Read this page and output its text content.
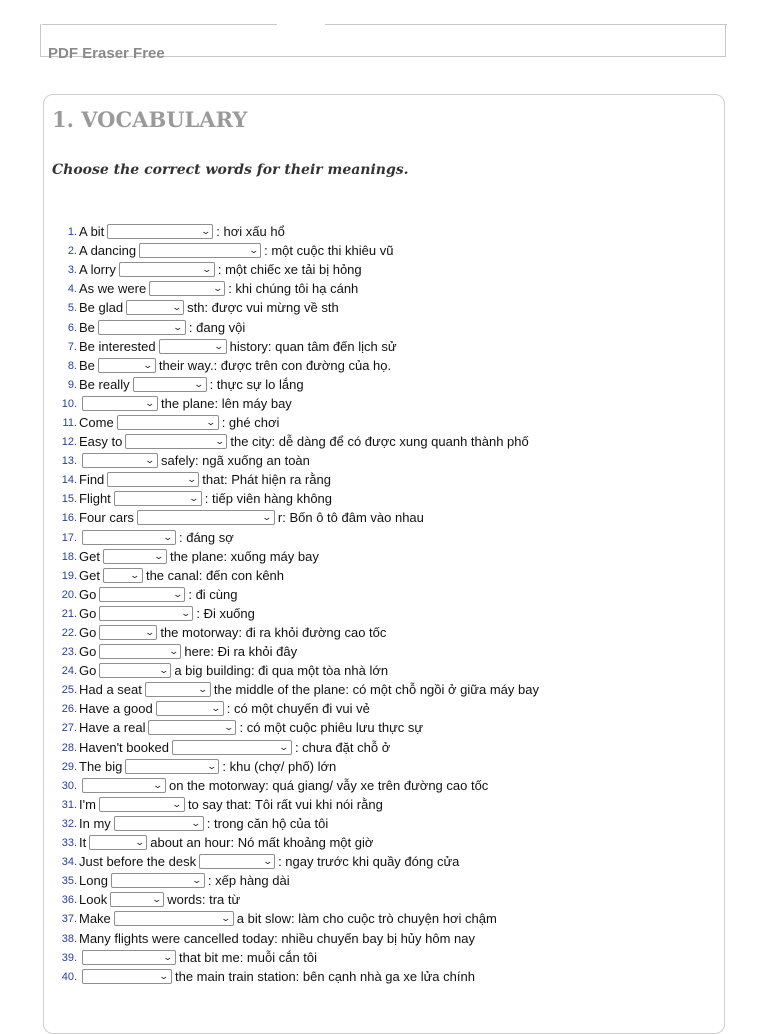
PDF Eraser Free
1. VOCABULARY

Choose the correct words for their meanings.

1. A bit	⌄ : hơi xấu hổ
2. A dancing	⌄ : một cuộc thi khiêu vũ
3. A lorry	⌄ : một chiếc xe tải bị hỏng
4. As we were	⌄ : khi chúng tôi hạ cánh
5. Be glad	⌄ sth: được vui mừng về sth
6. Be	⌄ : đang vội
7. Be interested	⌄ history: quan tâm đến lịch sử
8. Be	⌄ their way.: được trên con đường của họ.
9. Be really	⌄ : thực sự lo lắng
10.	⌄ the plane: lên máy bay
11. Come	⌄ : ghé chơi
12. Easy to	⌄ the city: dễ dàng để có được xung quanh thành phố
13.	⌄ safely: ngã xuống an toàn
14. Find	⌄ that: Phát hiện ra rằng
15. Flight	⌄ : tiếp viên hàng không
16. Four cars	⌄ r: Bốn ô tô đâm vào nhau
17.	⌄ : đáng sợ
18. Get	⌄ the plane: xuống máy bay
19. Get	⌄ the canal: đến con kênh
20. Go	⌄ : đi cùng
21. Go	⌄ : Đi xuống
22. Go	⌄ the motorway: đi ra khỏi đường cao tốc
23. Go	⌄ here: Đi ra khỏi đây
24. Go	⌄ a big building: đi qua một tòa nhà lớn
25. Had a seat	⌄ the middle of the plane: có một chỗ ngồi ở giữa máy bay
26. Have a good	⌄ : có một chuyến đi vui vẻ
27. Have a real	⌄ : có một cuộc phiêu lưu thực sự
28. Haven't booked	⌄ : chưa đặt chỗ ở
29. The big	⌄ : khu (chợ/ phố) lớn
30.	⌄ on the motorway: quá giang/ vẫy xe trên đường cao tốc
31. I'm	⌄ to say that: Tôi rất vui khi nói rằng
32. In my	⌄ : trong căn hộ của tôi
33. It	⌄ about an hour: Nó mất khoảng một giờ
34. Just before the desk	⌄ : ngay trước khi quầy đóng cửa
35. Long	⌄ : xếp hàng dài
36. Look	⌄ words: tra từ
37. Make	⌄ a bit slow: làm cho cuộc trò chuyện hơi chậm
38. Many flights were cancelled today: nhiều chuyến bay bị hủy hôm nay
39.	⌄ that bit me: muỗi cắn tôi
40.	⌄ the main train station: bên cạnh nhà ga xe lửa chính
